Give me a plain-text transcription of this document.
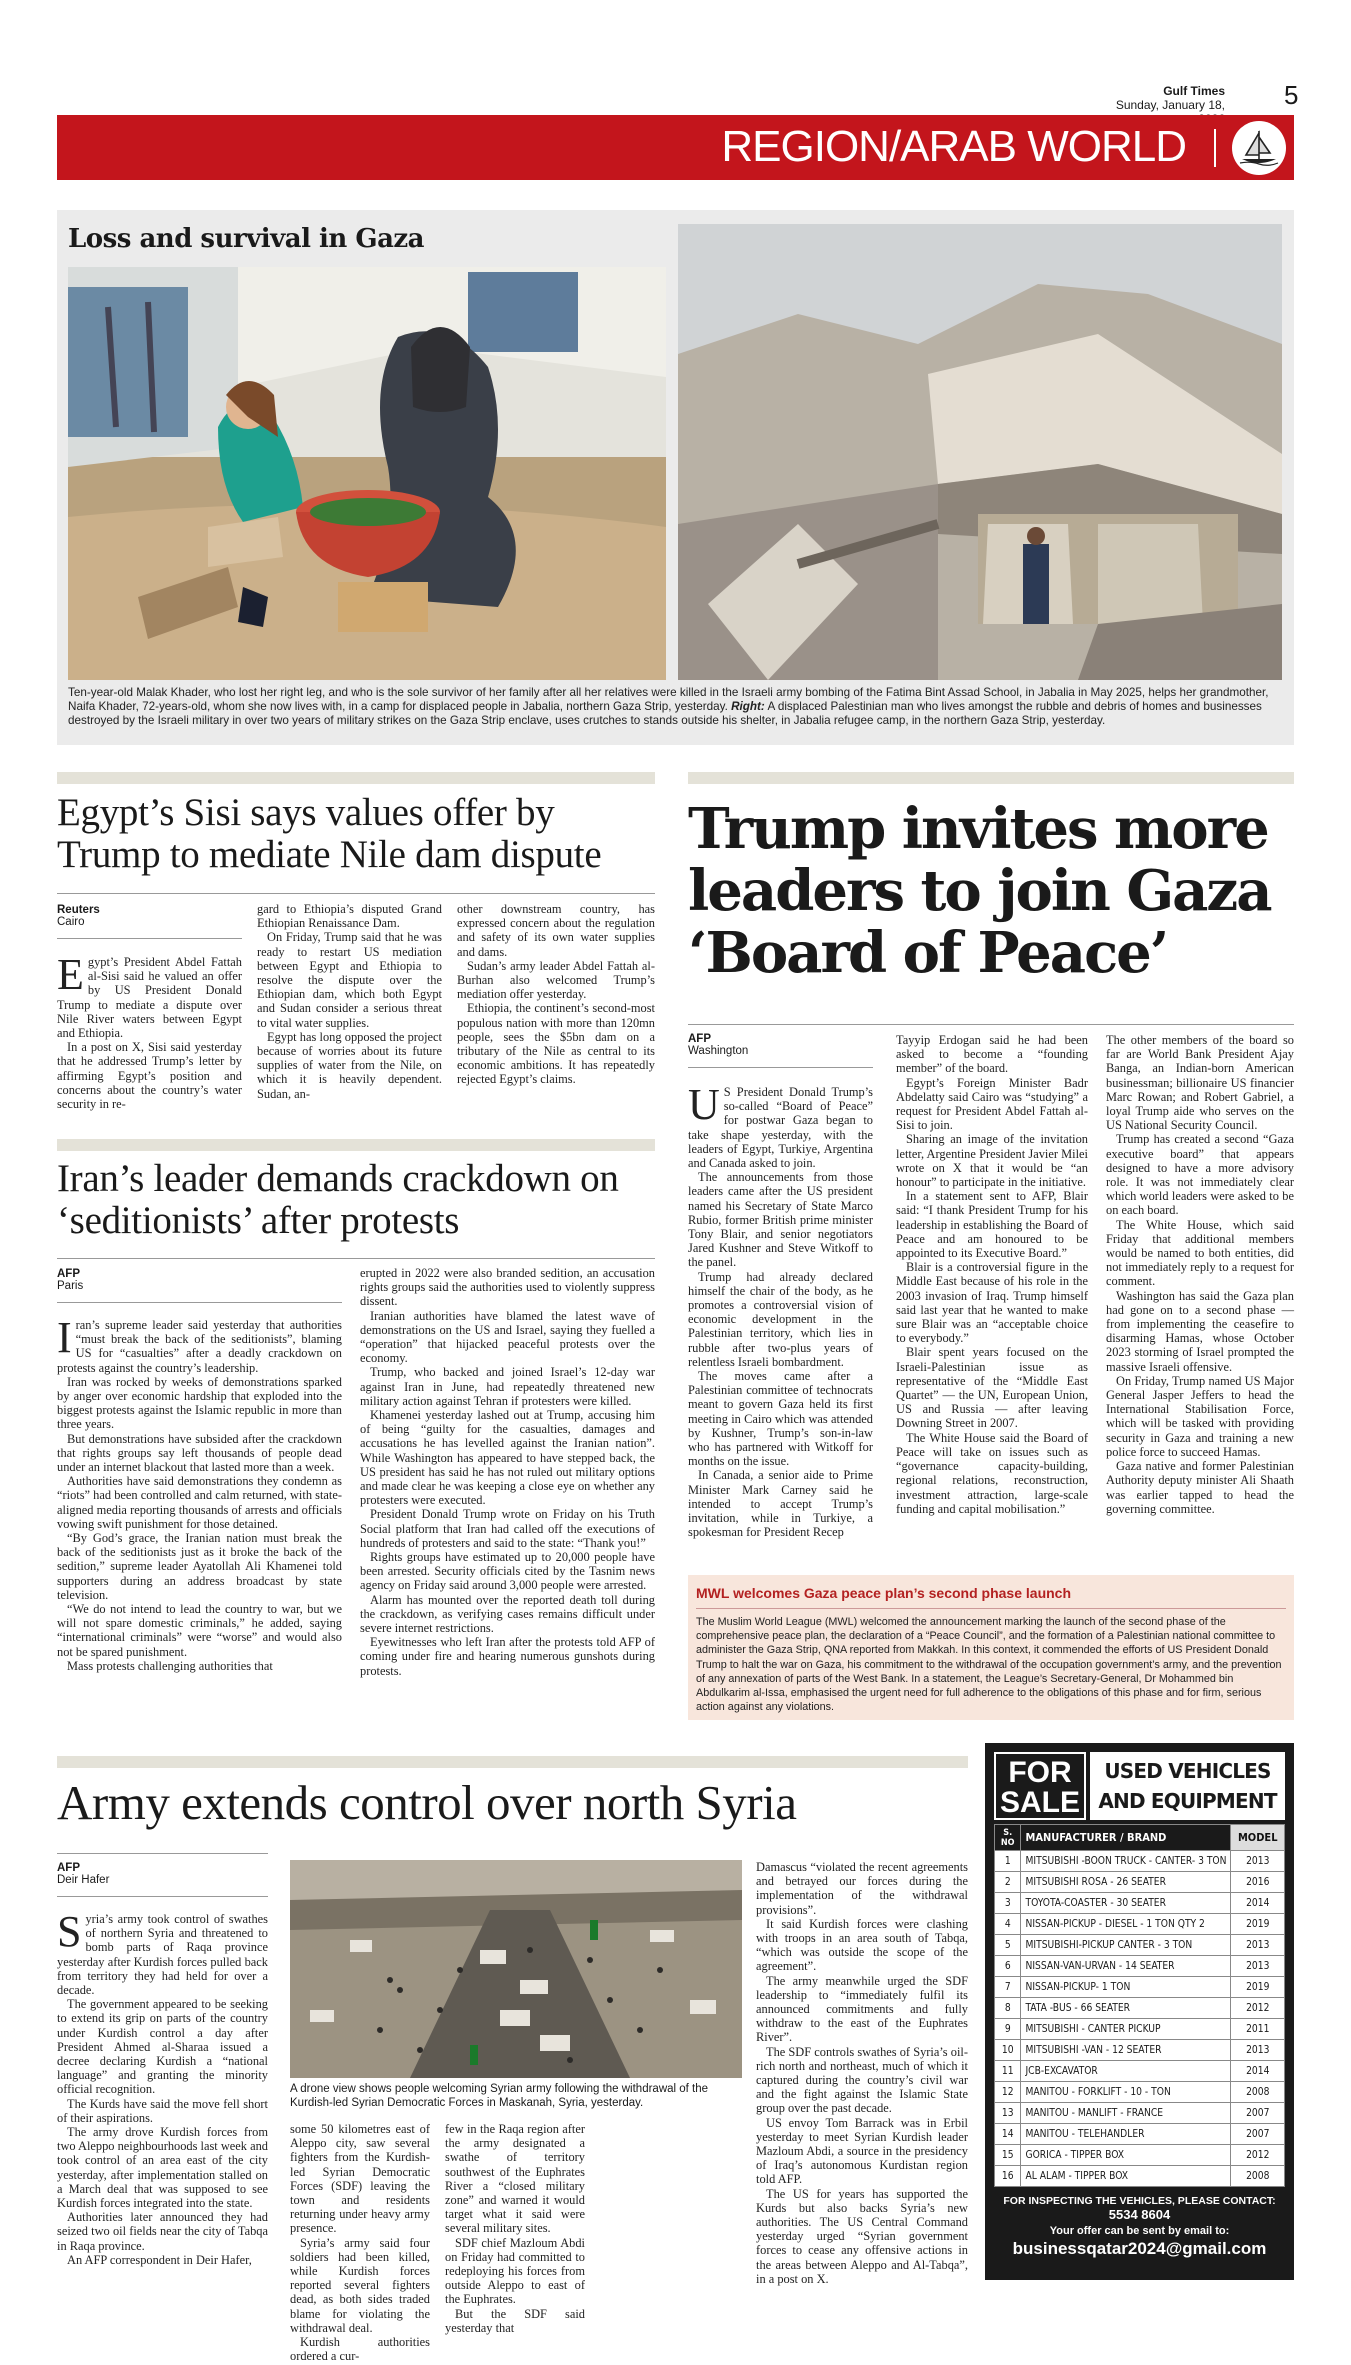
Gulf Times
Sunday, January 18, 5
REGION/ARAB WORLD
Loss and survival in Gaza
Ten-year-old Malak Khader, who lost her right leg, and who is the sole survivor of her family after all her relatives were killed in the Israeli army bombing of the Fatima Bint Assad School, in Jabalia in May 2025, helps her grandmother, Naifa Khader, 72-years-old, whom she now lives with, in a camp for displaced people in Jabalia, northern Gaza Strip, yesterday. Right: A displaced Palestinian man who lives amongst the rubble and debris of homes and businesses destroyed by the Israeli military in over two years of military strikes on the Gaza Strip enclave, uses crutches to stands outside his shelter, in Jabalia refugee camp, in the northern Gaza Strip, yesterday.
Egypt’s Sisi says values offer by Trump to mediate Nile dam dispute
Reuters
Cairo

Egypt’s President Abdel Fattah al-Sisi said he valued an offer by US President Donald Trump to mediate a dispute over Nile River waters between Egypt and Ethiopia.

In a post on X, Sisi said yesterday that he addressed Trump’s letter by affirming Egypt’s position and concerns about the country’s water security in re-

gard to Ethiopia’s disputed Grand Ethiopian Renaissance Dam.

On Friday, Trump said that he was ready to restart US mediation between Egypt and Ethiopia to resolve the dispute over the Ethiopian dam, which both Egypt and Sudan consider a serious threat to vital water supplies.

Egypt has long opposed the project because of worries about its future supplies of water from the Nile, on which it is heavily dependent. Sudan, an-

other downstream country, has expressed concern about the regulation and safety of its own water supplies and dams.

Sudan’s army leader Abdel Fattah al-Burhan also welcomed Trump’s mediation offer yesterday.

Ethiopia, the continent’s second-most populous nation with more than 120mn people, sees the $5bn dam on a tributary of the Nile as central to its economic ambitions. It has repeatedly rejected Egypt’s claims.

Iran’s leader demands crackdown on ‘seditionists’ after protests
AFP
Paris

Iran’s supreme leader said yesterday that authorities “must break the back of the seditionists”, blaming US for “casualties” after a deadly crackdown on protests against the country’s leadership.

Iran was rocked by weeks of demonstrations sparked by anger over economic hardship that exploded into the biggest protests against the Islamic republic in more than three years.

But demonstrations have subsided after the crackdown that rights groups say left thousands of people dead under an internet blackout that lasted more than a week.

Authorities have said demonstrations they condemn as “riots” had been controlled and calm returned, with state-aligned media reporting thousands of arrests and officials vowing swift punishment for those detained.

“By God’s grace, the Iranian nation must break the back of the seditionists just as it broke the back of the sedition,” supreme leader Ayatollah Ali Khamenei told supporters during an address broadcast by state television.

“We do not intend to lead the country to war, but we will not spare domestic criminals,” he added, saying “international criminals” were “worse” and would also not be spared punishment.

Mass protests challenging authorities that

erupted in 2022 were also branded sedition, an accusation rights groups said the authorities used to violently suppress dissent.

Iranian authorities have blamed the latest wave of demonstrations on the US and Israel, saying they fuelled a “operation” that hijacked peaceful protests over the economy.

Trump, who backed and joined Israel’s 12-day war against Iran in June, had repeatedly threatened new military action against Tehran if protesters were killed.

Khamenei yesterday lashed out at Trump, accusing him of being “guilty for the casualties, damages and accusations he has levelled against the Iranian nation”. While Washington has appeared to have stepped back, the US president has said he has not ruled out military options and made clear he was keeping a close eye on whether any protesters were executed.

President Donald Trump wrote on Friday on his Truth Social platform that Iran had called off the executions of hundreds of protesters and said to the state: “Thank you!”

Rights groups have estimated up to 20,000 people have been arrested. Security officials cited by the Tasnim news agency on Friday said around 3,000 people were arrested.

Alarm has mounted over the reported death toll during the crackdown, as verifying cases remains difficult under severe internet restrictions.

Eyewitnesses who left Iran after the protests told AFP of coming under fire and hearing numerous gunshots during protests.

Trump invites more leaders to join Gaza ‘Board of Peace’
AFP
Washington

U S President Donald Trump’s so-called “Board of Peace” for postwar Gaza began to take shape yesterday, with the leaders of Egypt, Turkiye, Argentina and Canada asked to join.

The announcements from those leaders came after the US president named his Secretary of State Marco Rubio, former British prime minister Tony Blair, and senior negotiators Jared Kushner and Steve Witkoff to the panel.

Trump had already declared himself the chair of the body, as he promotes a controversial vision of economic development in the Palestinian territory, which lies in rubble after two-plus years of relentless Israeli bombardment.

The moves came after a Palestinian committee of technocrats meant to govern Gaza held its first meeting in Cairo which was attended by Kushner, Trump’s son-in-law who has partnered with Witkoff for months on the issue.

In Canada, a senior aide to Prime Minister Mark Carney said he intended to accept Trump’s invitation, while in Turkiye, a spokesman for President Recep

Tayyip Erdogan said he had been asked to become a “founding member” of the board.

Egypt’s Foreign Minister Badr Abdelatty said Cairo was “studying” a request for President Abdel Fattah al-Sisi to join.

Sharing an image of the invitation letter, Argentine President Javier Milei wrote on X that it would be “an honour” to participate in the initiative.

In a statement sent to AFP, Blair said: “I thank President Trump for his leadership in establishing the Board of Peace and am honoured to be appointed to its Executive Board.”

Blair is a controversial figure in the Middle East because of his role in the 2003 invasion of Iraq. Trump himself said last year that he wanted to make sure Blair was an “acceptable choice to everybody.”

Blair spent years focused on the Israeli-Palestinian issue as representative of the “Middle East Quartet” — the UN, European Union, US and Russia — after leaving Downing Street in 2007.

The White House said the Board of Peace will take on issues such as “governance capacity-building, regional relations, reconstruction, investment attraction, large-scale funding and capital mobilisation.”

The other members of the board so far are World Bank President Ajay Banga, an Indian-born American businessman; billionaire US financier Marc Rowan; and Robert Gabriel, a loyal Trump aide who serves on the US National Security Council.

Trump has created a second “Gaza executive board” that appears designed to have a more advisory role. It was not immediately clear which world leaders were asked to be on each board.

The White House, which said Friday that additional members would be named to both entities, did not immediately reply to a request for comment.

Washington has said the Gaza plan had gone on to a second phase — from implementing the ceasefire to disarming Hamas, whose October 2023 storming of Israel prompted the massive Israeli offensive.

On Friday, Trump named US Major General Jasper Jeffers to head the International Stabilisation Force, which will be tasked with providing security in Gaza and training a new police force to succeed Hamas.

Gaza native and former Palestinian Authority deputy minister Ali Shaath was earlier tapped to head the governing committee.

MWL welcomes Gaza peace plan’s second phase launch
The Muslim World League (MWL) welcomed the announcement marking the launch of the second phase of the comprehensive peace plan, the declaration of a “Peace Council”, and the formation of a Palestinian national committee to administer the Gaza Strip, QNA reported from Makkah. In this context, it commended the efforts of US President Donald Trump to halt the war on Gaza, his commitment to the withdrawal of the occupation government’s army, and the prevention of any annexation of parts of the West Bank. In a statement, the League’s Secretary-General, Dr Mohammed bin Abdulkarim al-Issa, emphasised the urgent need for full adherence to the obligations of this phase and for firm, serious action against any violations.
Army extends control over north Syria
AFP
Deir Hafer

Syria’s army took control of swathes of northern Syria and threatened to bomb parts of Raqa province yesterday after Kurdish forces pulled back from territory they had held for over a decade.

The government appeared to be seeking to extend its grip on parts of the country under Kurdish control a day after President Ahmed al-Sharaa issued a decree declaring Kurdish a “national language” and granting the minority official recognition.

The Kurds have said the move fell short of their aspirations.

The army drove Kurdish forces from two Aleppo neighbourhoods last week and took control of an area east of the city yesterday, after implementation stalled on a March deal that was supposed to see Kurdish forces integrated into the state.

Authorities later announced they had seized two oil fields near the city of Tabqa in Raqa province.

An AFP correspondent in Deir Hafer,

A drone view shows people welcoming Syrian army following the withdrawal of the Kurdish-led Syrian Democratic Forces in Maskanah, Syria, yesterday.

some 50 kilometres east of Aleppo city, saw several fighters from the Kurdish-led Syrian Democratic Forces (SDF) leaving the town and residents returning under heavy army presence.

Syria’s army said four soldiers had been killed, while Kurdish forces reported several fighters dead, as both sides traded blame for violating the withdrawal deal.

Kurdish authorities ordered a cur-

few in the Raqa region after the army designated a swathe of territory southwest of the Euphrates River a “closed military zone” and warned it would target what it said were several military sites.

SDF chief Mazloum Abdi on Friday had committed to redeploying his forces from outside Aleppo to east of the Euphrates.

But the SDF said yesterday that

Damascus “violated the recent agreements and betrayed our forces during the implementation of the withdrawal provisions”.

It said Kurdish forces were clashing with troops in an area south of Tabqa, “which was outside the scope of the agreement”.

The army meanwhile urged the SDF leadership to “immediately fulfil its announced commitments and fully withdraw to the east of the Euphrates River”.

The SDF controls swathes of Syria’s oil-rich north and northeast, much of which it captured during the country’s civil war and the fight against the Islamic State group over the past decade.

US envoy Tom Barrack was in Erbil yesterday to meet Syrian Kurdish leader Mazloum Abdi, a source in the presidency of Iraq’s autonomous Kurdistan region told AFP.

The US for years has supported the Kurds but also backs Syria’s new authorities. The US Central Command yesterday urged “Syrian government forces to cease any offensive actions in the areas between Aleppo and Al-Tabqa”, in a post on X.

FOR
SALE
USED VEHICLES
AND EQUIPMENT
S. NO	MANUFACTURER / BRAND	MODEL
1	MITSUBISHI -BOON TRUCK - CANTER- 3 TON	2013
2	MITSUBISHI ROSA - 26 SEATER	2016
3	TOYOTA-COASTER - 30 SEATER	2014
4	NISSAN-PICKUP - DIESEL - 1 TON QTY 2	2019
5	MITSUBISHI-PICKUP CANTER - 3 TON	2013
6	NISSAN-VAN-URVAN - 14 SEATER	2013
7	NISSAN-PICKUP- 1 TON	2019
8	TATA -BUS - 66 SEATER	2012
9	MITSUBISHI - CANTER PICKUP	2011
10	MITSUBISHI -VAN - 12 SEATER	2013
11	JCB-EXCAVATOR	2014
12	MANITOU - FORKLIFT - 10 - TON	2008
13	MANITOU - MANLIFT - FRANCE	2007
14	MANITOU - TELEHANDLER	2007
15	GORICA - TIPPER BOX	2012
16	AL ALAM - TIPPER BOX	2008
FOR INSPECTING THE VEHICLES, PLEASE CONTACT: 5534 8604
Your offer can be sent by email to:
businessqatar2024@gmail.com
